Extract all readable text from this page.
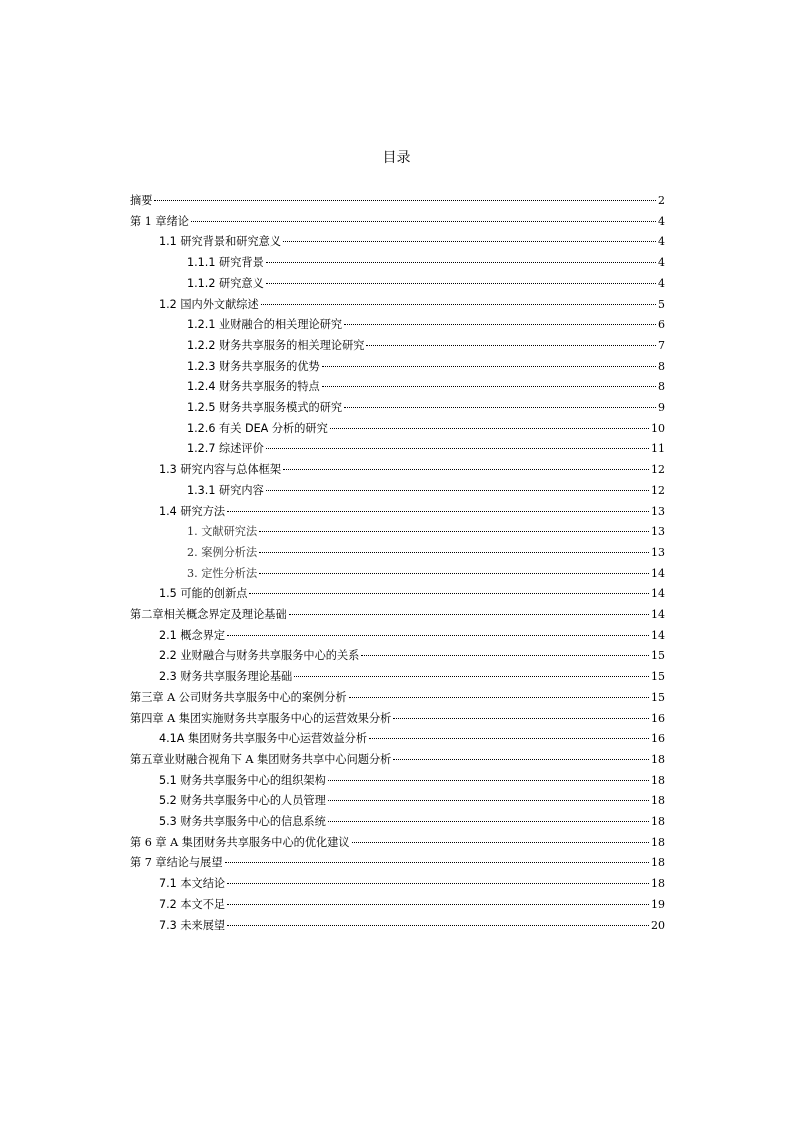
目录
摘要	2
第 1 章绪论	4
1.1 研究背景和研究意义	4
1.1.1 研究背景	4
1.1.2 研究意义	4
1.2 国内外文献综述	5
1.2.1 业财融合的相关理论研究	6
1.2.2 财务共享服务的相关理论研究	7
1.2.3 财务共享服务的优势	8
1.2.4 财务共享服务的特点	8
1.2.5 财务共享服务模式的研究	9
1.2.6 有关 DEA 分析的研究	10
1.2.7 综述评价	11
1.3 研究内容与总体框架	12
1.3.1 研究内容	12
1.4 研究方法	13
1. 文献研究法	13
2. 案例分析法	13
3. 定性分析法	14
1.5 可能的创新点	14
第二章相关概念界定及理论基础	14
2.1 概念界定	14
2.2 业财融合与财务共享服务中心的关系	15
2.3 财务共享服务理论基础	15
第三章 A 公司财务共享服务中心的案例分析	15
第四章 A 集团实施财务共享服务中心的运营效果分析	16
4.1A 集团财务共享服务中心运营效益分析	16
第五章业财融合视角下 A 集团财务共享中心问题分析	18
5.1 财务共享服务中心的组织架构	18
5.2 财务共享服务中心的人员管理	18
5.3 财务共享服务中心的信息系统	18
第 6 章 A 集团财务共享服务中心的优化建议	18
第 7 章结论与展望	18
7.1 本文结论	18
7.2 本文不足	19
7.3 未来展望	20
